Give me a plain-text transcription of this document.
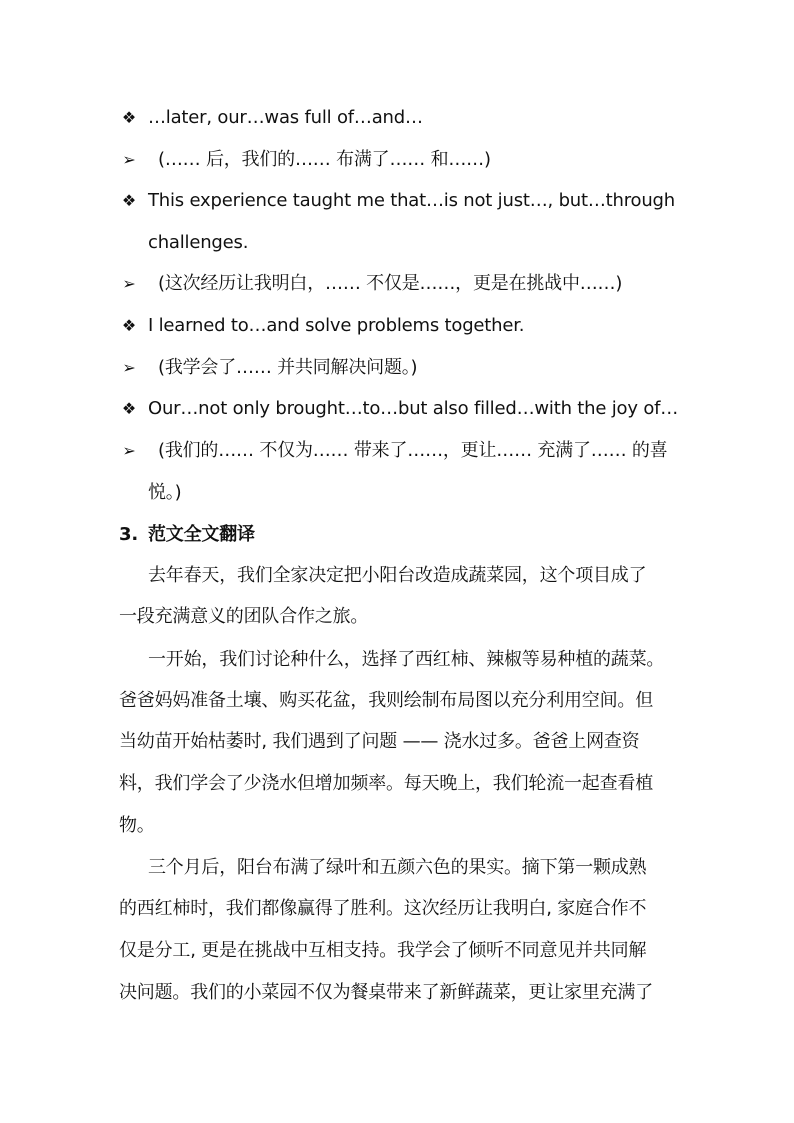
❖ …later, our…was full of…and…
➢ (…… 后，我们的…… 布满了…… 和……)
❖ This experience taught me that…is not just…, but…through
challenges.
➢ (这次经历让我明白，…… 不仅是……，更是在挑战中……)
❖ I learned to…and solve problems together.
➢ (我学会了…… 并共同解决问题。)
❖ Our…not only brought…to…but also filled…with the joy of…
➢ (我们的…… 不仅为…… 带来了……，更让…… 充满了…… 的喜
悦。)
3. 范文全文翻译
去年春天，我们全家决定把小阳台改造成蔬菜园，这个项目成了
一段充满意义的团队合作之旅。
一开始，我们讨论种什么，选择了西红柿、辣椒等易种植的蔬菜。
爸爸妈妈准备土壤、购买花盆，我则绘制布局图以充分利用空间。但
当幼苗开始枯萎时, 我们遇到了问题 —— 浇水过多。爸爸上网查资
料，我们学会了少浇水但增加频率。每天晚上，我们轮流一起查看植
物。
三个月后，阳台布满了绿叶和五颜六色的果实。摘下第一颗成熟
的西红柿时，我们都像赢得了胜利。这次经历让我明白, 家庭合作不
仅是分工, 更是在挑战中互相支持。我学会了倾听不同意见并共同解
决问题。我们的小菜园不仅为餐桌带来了新鲜蔬菜，更让家里充满了
